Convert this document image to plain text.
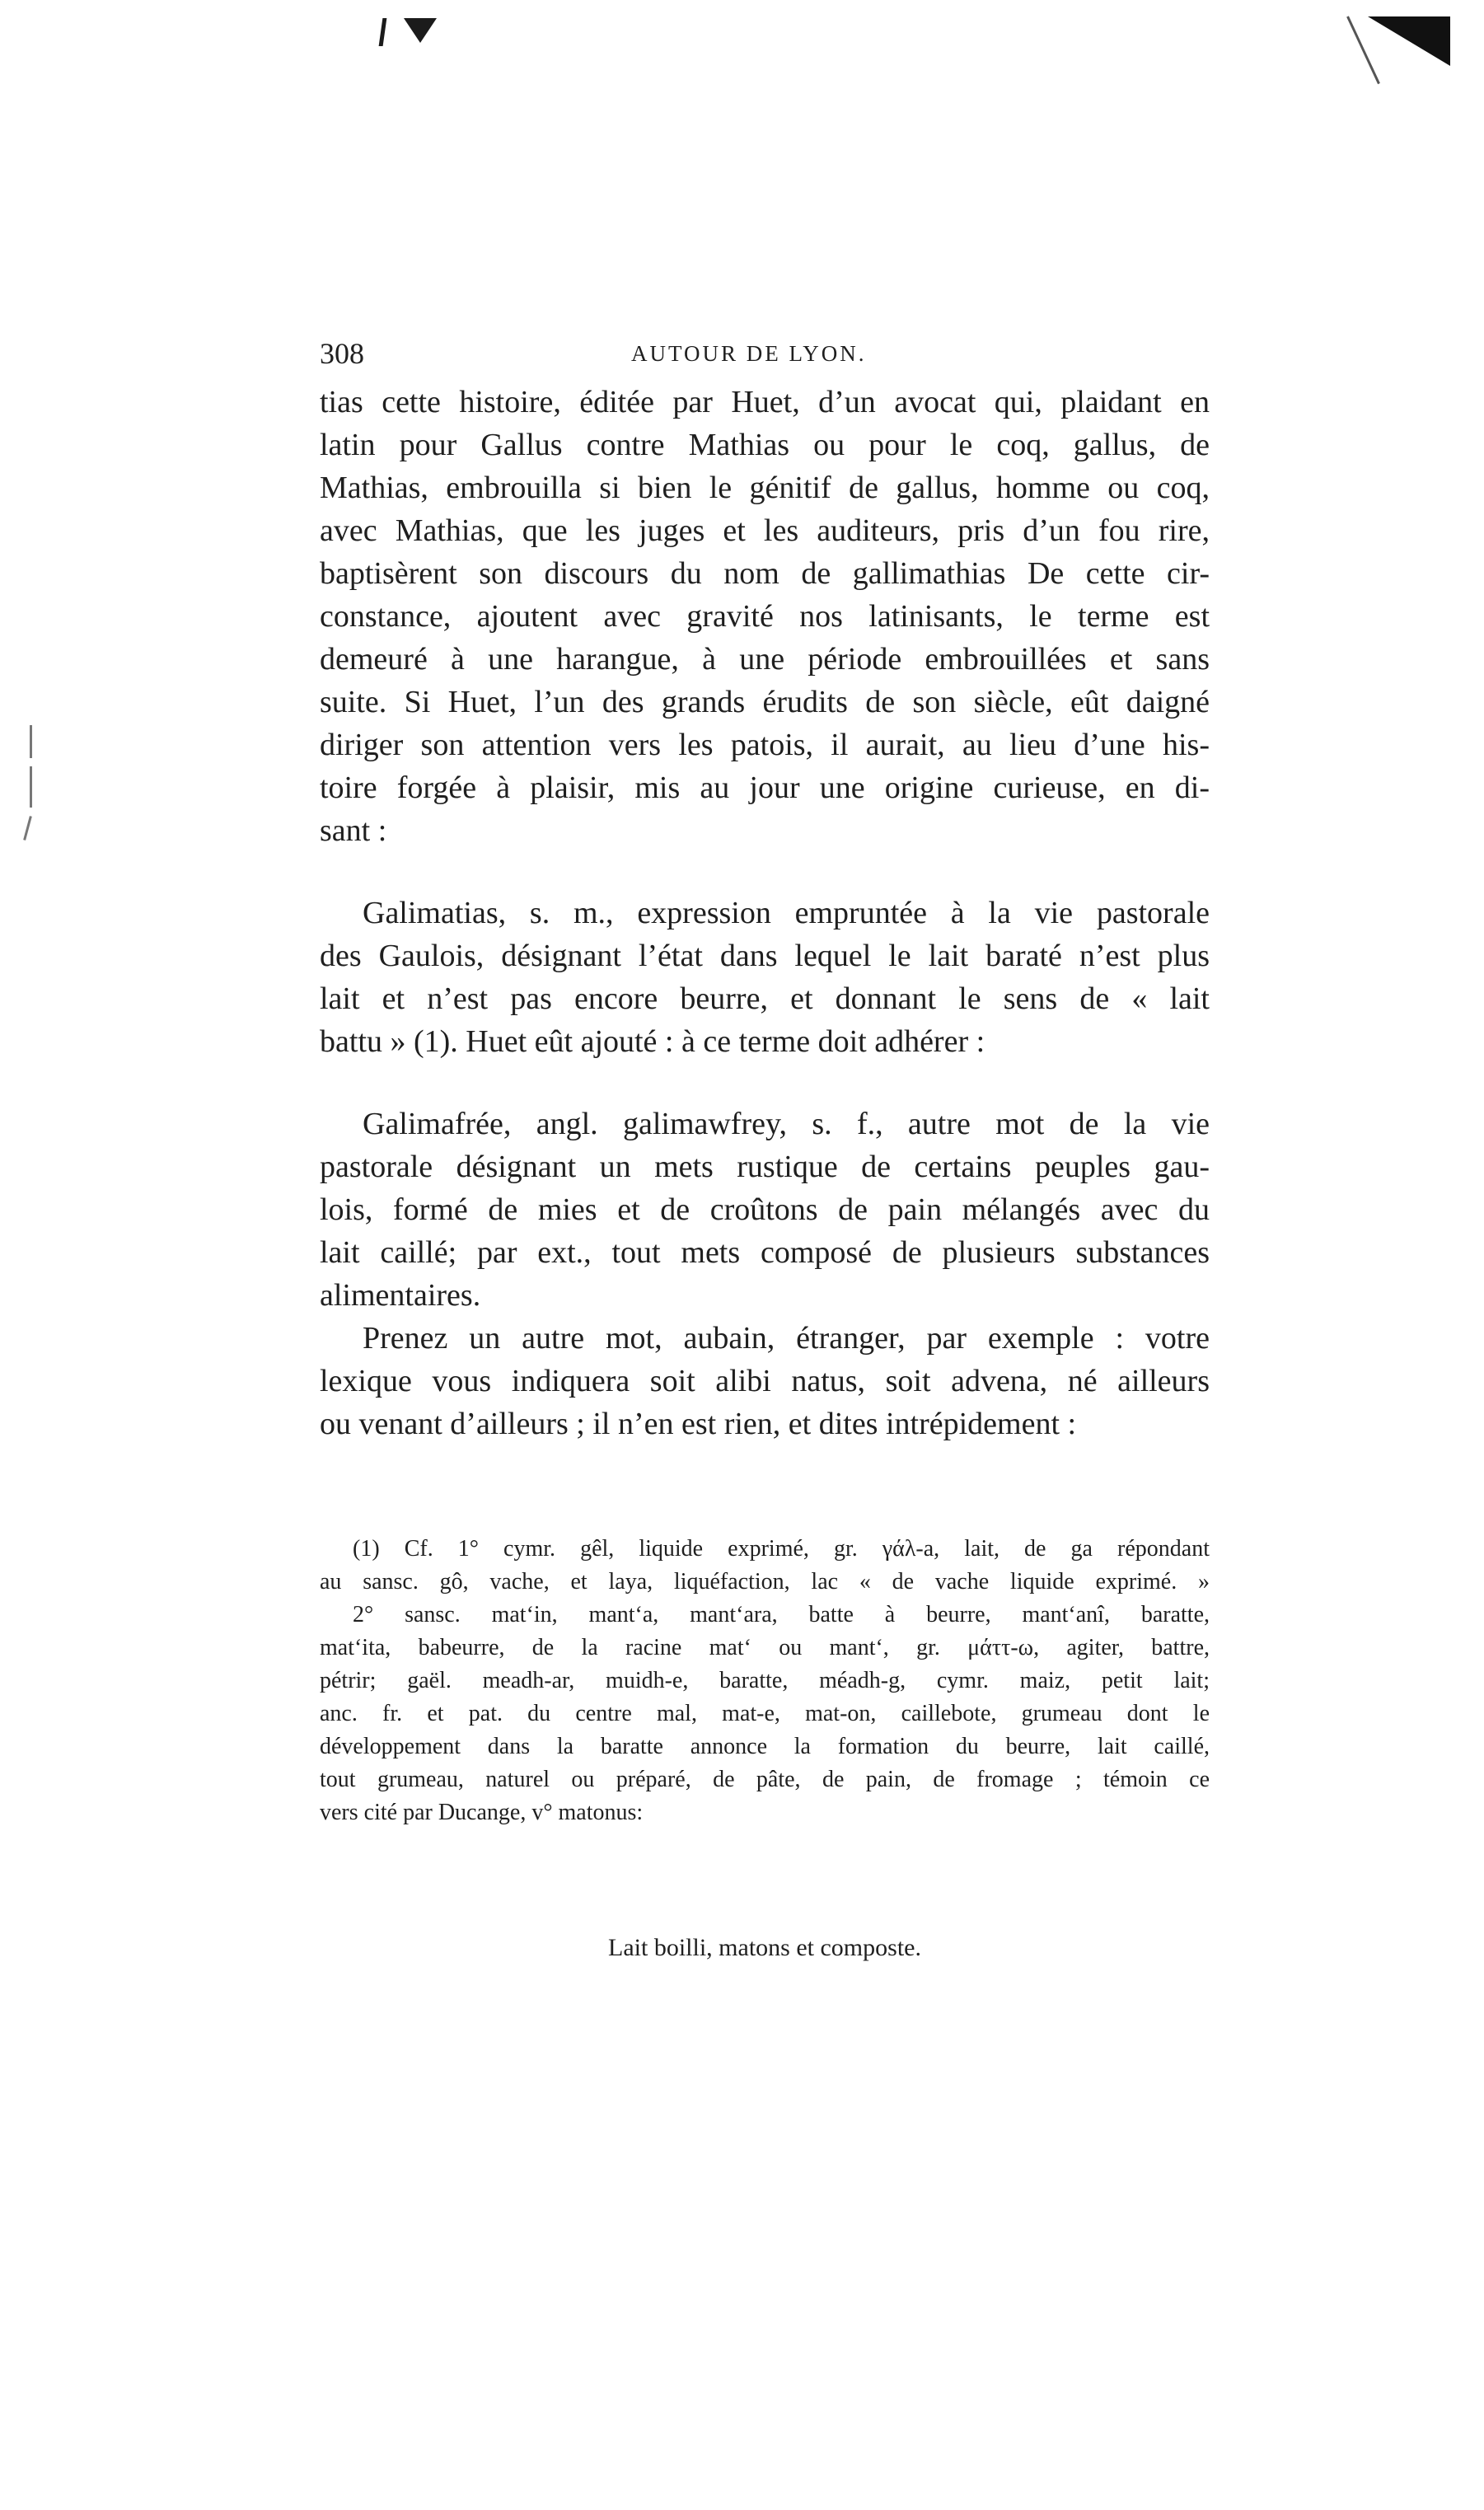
308	AUTOUR DE LYON.
tias cette histoire, éditée par Huet, d’un avocat qui, plaidant en
latin pour Gallus contre Mathias ou pour le coq, gallus, de
Mathias, embrouilla si bien le génitif de gallus, homme ou coq,
avec Mathias, que les juges et les auditeurs, pris d’un fou rire,
baptisèrent son discours du nom de gallimathias De cette cir-
constance, ajoutent avec gravité nos latinisants, le terme est
demeuré à une harangue, à une période embrouillées et sans
suite. Si Huet, l’un des grands érudits de son siècle, eût daigné
diriger son attention vers les patois, il aurait, au lieu d’une his-
toire forgée à plaisir, mis au jour une origine curieuse, en di-
sant :
Galimatias, s. m., expression empruntée à la vie pastorale
des Gaulois, désignant l’état dans lequel le lait baraté n’est plus
lait et n’est pas encore beurre, et donnant le sens de « lait
battu » (1). Huet eût ajouté : à ce terme doit adhérer :
Galimafrée, angl. galimawfrey, s. f., autre mot de la vie
pastorale désignant un mets rustique de certains peuples gau-
lois, formé de mies et de croûtons de pain mélangés avec du
lait caillé; par ext., tout mets composé de plusieurs substances
alimentaires.
Prenez un autre mot, aubain, étranger, par exemple : votre
lexique vous indiquera soit alibi natus, soit advena, né ailleurs
ou venant d’ailleurs ; il n’en est rien, et dites intrépidement :
(1) Cf. 1° cymr. gêl, liquide exprimé, gr. γάλ-a, lait, de ga répondant
au sansc. gô, vache, et laya, liquéfaction, lac « de vache liquide exprimé. »
2° sansc. mat‘in, mant‘a, mant‘ara, batte à beurre, mant‘anî, baratte,
mat‘ita, babeurre, de la racine mat‘ ou mant‘, gr. μάττ-ω, agiter, battre,
pétrir; gaël. meadh-ar, muidh-e, baratte, méadh-g, cymr. maiz, petit lait;
anc. fr. et pat. du centre mal, mat-e, mat-on, caillebote, grumeau dont le
développement dans la baratte annonce la formation du beurre, lait caillé,
tout grumeau, naturel ou préparé, de pâte, de pain, de fromage ; témoin ce
vers cité par Ducange, v° matonus:
Lait boilli, matons et composte.
